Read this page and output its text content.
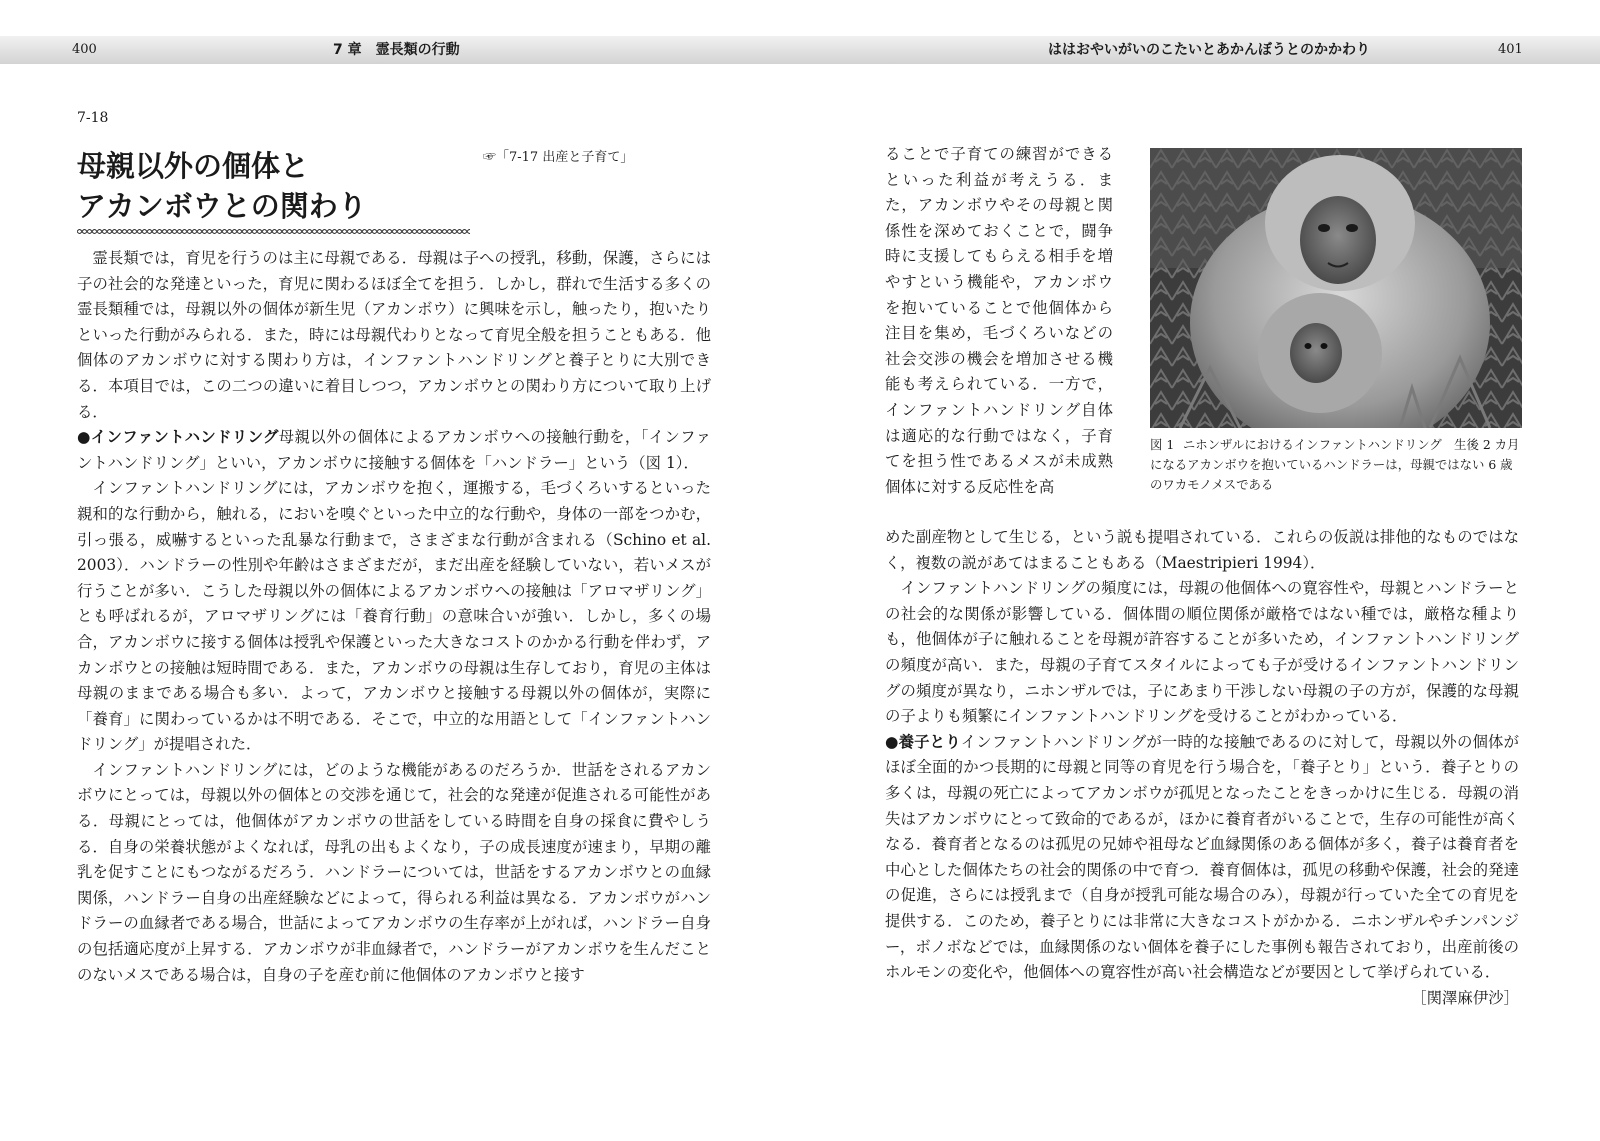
400	7 章　霊長類の行動	ははおやいがいのこたいとあかんぼうとのかかわり	401
7-18
母親以外の個体と
アカンボウとの関わり
☞「7-17 出産と子育て」

霊長類では，育児を行うのは主に母親である．母親は子への授乳，移動，保護，さらには子の社会的な発達といった，育児に関わるほぼ全てを担う．しかし，群れで生活する多くの霊長類種では，母親以外の個体が新生児（アカンボウ）に興味を示し，触ったり，抱いたりといった行動がみられる．また，時には母親代わりとなって育児全般を担うこともある．他個体のアカンボウに対する関わり方は，インファントハンドリングと養子とりに大別できる．本項目では，この二つの違いに着目しつつ，アカンボウとの関わり方について取り上げる．

●インファントハンドリング母親以外の個体によるアカンボウへの接触行動を，「インファントハンドリング」といい，アカンボウに接触する個体を「ハンドラー」という（図 1）．

インファントハンドリングには，アカンボウを抱く，運搬する，毛づくろいするといった親和的な行動から，触れる，においを嗅ぐといった中立的な行動や，身体の一部をつかむ，引っ張る，威嚇するといった乱暴な行動まで，さまざまな行動が含まれる（Schino et al. 2003）．ハンドラーの性別や年齢はさまざまだが，まだ出産を経験していない，若いメスが行うことが多い．こうした母親以外の個体によるアカンボウへの接触は「アロマザリング」とも呼ばれるが，アロマザリングには「養育行動」の意味合いが強い．しかし，多くの場合，アカンボウに接する個体は授乳や保護といった大きなコストのかかる行動を伴わず，アカンボウとの接触は短時間である．また，アカンボウの母親は生存しており，育児の主体は母親のままである場合も多い．よって，アカンボウと接触する母親以外の個体が，実際に「養育」に関わっているかは不明である．そこで，中立的な用語として「インファントハンドリング」が提唱された．

インファントハンドリングには，どのような機能があるのだろうか．世話をされるアカンボウにとっては，母親以外の個体との交渉を通じて，社会的な発達が促進される可能性がある．母親にとっては，他個体がアカンボウの世話をしている時間を自身の採食に費やしうる．自身の栄養状態がよくなれば，母乳の出もよくなり，子の成長速度が速まり，早期の離乳を促すことにもつながるだろう．ハンドラーについては，世話をするアカンボウとの血縁関係，ハンドラー自身の出産経験などによって，得られる利益は異なる．アカンボウがハンドラーの血縁者である場合，世話によってアカンボウの生存率が上がれば，ハンドラー自身の包括適応度が上昇する．アカンボウが非血縁者で，ハンドラーがアカンボウを生んだことのないメスである場合は，自身の子を産む前に他個体のアカンボウと接す

ることで子育ての練習ができるといった利益が考えうる．また，アカンボウやその母親と関係性を深めておくことで，闘争時に支援してもらえる相手を増やすという機能や，アカンボウを抱いていることで他個体から注目を集め，毛づくろいなどの社会交渉の機会を増加させる機能も考えられている．一方で，インファントハンドリング自体は適応的な行動ではなく，子育てを担う性であるメスが未成熟個体に対する反応性を高
図 1 ニホンザルにおけるインファントハンドリング　生後 2 カ月になるアカンボウを抱いているハンドラーは，母親ではない 6 歳のワカモノメスである

めた副産物として生じる，という説も提唱されている．これらの仮説は排他的なものではなく，複数の説があてはまることもある（Maestripieri 1994）．

インファントハンドリングの頻度には，母親の他個体への寛容性や，母親とハンドラーとの社会的な関係が影響している．個体間の順位関係が厳格ではない種では，厳格な種よりも，他個体が子に触れることを母親が許容することが多いため，インファントハンドリングの頻度が高い．また，母親の子育てスタイルによっても子が受けるインファントハンドリングの頻度が異なり，ニホンザルでは，子にあまり干渉しない母親の子の方が，保護的な母親の子よりも頻繁にインファントハンドリングを受けることがわかっている．

●養子とりインファントハンドリングが一時的な接触であるのに対して，母親以外の個体がほぼ全面的かつ長期的に母親と同等の育児を行う場合を，「養子とり」という．養子とりの多くは，母親の死亡によってアカンボウが孤児となったことをきっかけに生じる．母親の消失はアカンボウにとって致命的であるが，ほかに養育者がいることで，生存の可能性が高くなる．養育者となるのは孤児の兄姉や祖母など血縁関係のある個体が多く，養子は養育者を中心とした個体たちの社会的関係の中で育つ．養育個体は，孤児の移動や保護，社会的発達の促進，さらには授乳まで（自身が授乳可能な場合のみ），母親が行っていた全ての育児を提供する．このため，養子とりには非常に大きなコストがかかる．ニホンザルやチンパンジー，ボノボなどでは，血縁関係のない個体を養子にした事例も報告されており，出産前後のホルモンの変化や，他個体への寛容性が高い社会構造などが要因として挙げられている．

［関澤麻伊沙］
